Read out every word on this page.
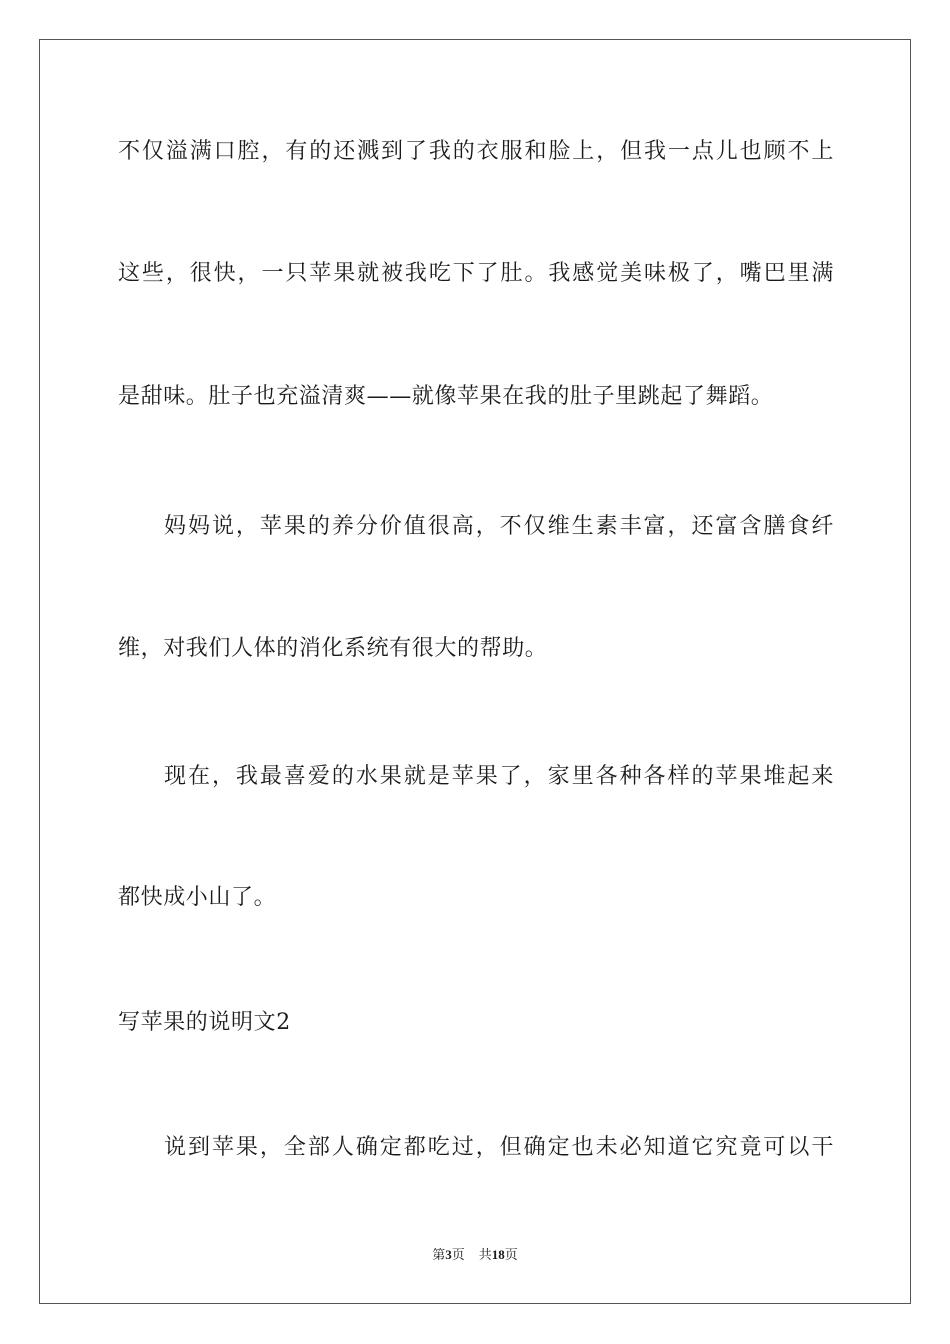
不仅溢满口腔，有的还溅到了我的衣服和脸上，但我一点儿也顾不上
这些，很快，一只苹果就被我吃下了肚。我感觉美味极了，嘴巴里满
是甜味。肚子也充溢清爽——就像苹果在我的肚子里跳起了舞蹈。
妈妈说，苹果的养分价值很高，不仅维生素丰富，还富含膳食纤
维，对我们人体的消化系统有很大的帮助。
现在，我最喜爱的水果就是苹果了，家里各种各样的苹果堆起来
都快成小山了。
写苹果的说明文2
说到苹果，全部人确定都吃过，但确定也未必知道它究竟可以干
第3页 共18页
